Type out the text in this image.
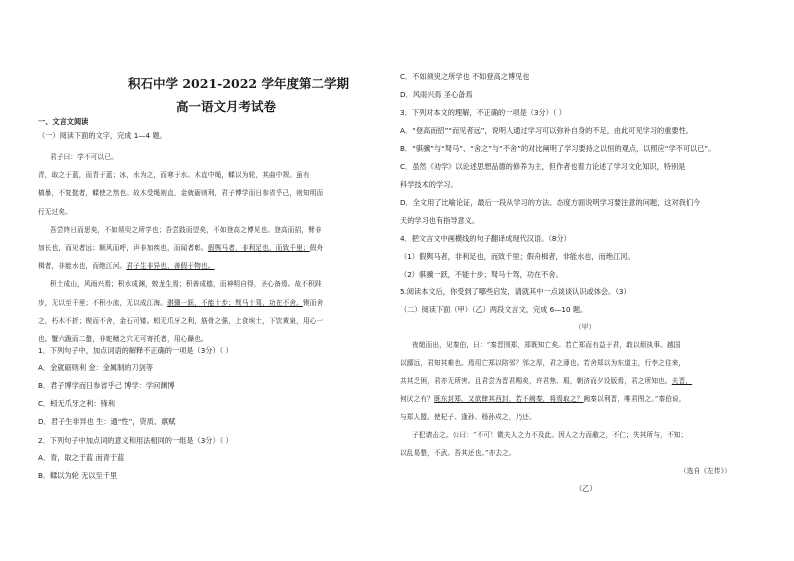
积石中学 2021-2022 学年度第二学期
高一语文月考试卷
一、文言文阅读
（一）阅读下面的文字，完成 1—4 题。
君子曰：学不可以已。
青，取之于蓝，而青于蓝；冰，水为之，而寒于水。木直中绳，輮以为轮，其曲中规。虽有
槁暴，不复挺者，輮使之然也。故木受绳则直，金就砺则利，君子博学而日参省乎己，则知明而
行无过矣。
吾尝终日而思矣，不如须臾之所学也；吾尝跂而望矣，不如登高之博见也。登高而招，臂非
加长也，而见者远；顺风而呼，声非加疾也，而闻者彰。假舆马者，非利足也，而致千里；假舟
楫者，非能水也，而绝江河。君子生非异也，善假于物也。
积土成山，风雨兴焉；积水成渊，蛟龙生焉；积善成德，而神明自得，圣心备焉。故不积跬
步，无以至千里；不积小流，无以成江海。骐骥一跃，不能十步；驽马十驾，功在不舍。锲而舍
之，朽木不折；锲而不舍，金石可镂。蚓无爪牙之利，筋骨之强，上食埃土，下饮黄泉，用心一
也。蟹六跪而二螯，非蛇鳝之穴无可寄托者，用心躁也。
1．下列句子中，加点词语的解释不正确的一项是（3分）（ ）
A．金就砺则利 金：金属制的刀剑等
B．君子博学而日参省乎己 博学：学问渊博
C．蚓无爪牙之利：锋利
D．君子生非异也 生：通“性”，资质、禀赋
2．下列句子中加点词的意义和用法相同的一组是（3分）（ ）
A．青，取之于蓝 而青于蓝
B．輮以为轮 无以至千里
C．不如须臾之所学也 不如登高之博见也
D．风雨兴焉 圣心备焉
3．下列对本文的理解，不正确的一项是（3分）（ ）
A．“登高而招”“而见者远”，说明人通过学习可以弥补自身的不足，由此可见学习的重要性。
B．“骐骥”与“驽马”、“舍之”与“不舍”的对比阐明了学习要持之以恒的观点，以照应“学不可以已”。
C．虽然《劝学》以论述思想品德的修养为主，但作者也着力论述了学习文化知识，特别是
科学技术的学习。
D．全文用了比喻论证，最后一段从学习的方法、态度方面说明学习要注意的问题，这对我们今
天的学习也有指导意义。
4．把文言文中画横线的句子翻译成现代汉语。（8分）
（1）假舆马者，非利足也，而致千里；假舟楫者，非能水也，而绝江河。
（2）骐骥一跃，不能十步；驽马十驾，功在不舍。
5.阅读本文后，你受到了哪些启发，请就其中一点谈谈认识或体会。（3）
（二）阅读下面（甲）（乙）两段文言文，完成 6—10 题。
（甲）
夜缒而出，见秦伯，曰：“秦晋围郑，郑既知亡矣。若亡郑而有益于君，敢以烦执事。越国
以鄙远，君知其难也。焉用亡郑以陪邻？邻之厚，君之薄也。若舍郑以为东道主，行李之往来，
共其乏困，君亦无所害。且君尝为晋君赐矣，许君焦、瑕，朝济而夕设版焉，君之所知也。夫晋，
何厌之有？既东封郑，又欲肆其西封，若不阙秦，将焉取之？阙秦以利晋，唯君图之。”秦伯说，
与郑人盟。使杞子、逢孙、杨孙戍之，乃还。
子犯请击之。公曰：“不可！微夫人之力不及此。因人之力而敝之，不仁；失其所与，不知；
以乱易整，不武。吾其还也。”亦去之。
（选自《左传》）
（乙）
